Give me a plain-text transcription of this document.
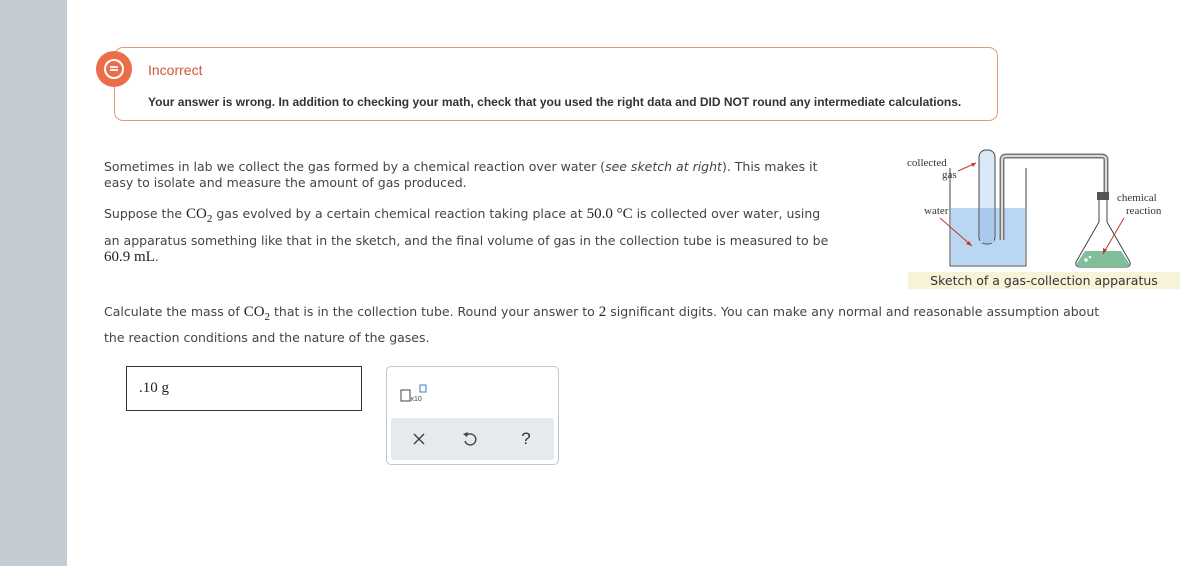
Incorrect
Your answer is wrong. In addition to checking your math, check that you used the right data and DID NOT round any intermediate calculations.
Sometimes in lab we collect the gas formed by a chemical reaction over water (see sketch at right). This makes it
easy to isolate and measure the amount of gas produced.
Suppose the $CO_2$ gas evolved by a certain chemical reaction taking place at 50.0 °C is collected over water, using
an apparatus something like that in the sketch, and the final volume of gas in the collection tube is measured to be
60.9 mL.
Calculate the mass of $CO_2$ that is in the collection tube. Round your answer to 2 significant digits. You can make any normal and reasonable assumption about
the reaction conditions and the nature of the gases.
collected
gas
water
chemical
reaction
Sketch of a gas-collection apparatus
.10 g
x10
?
